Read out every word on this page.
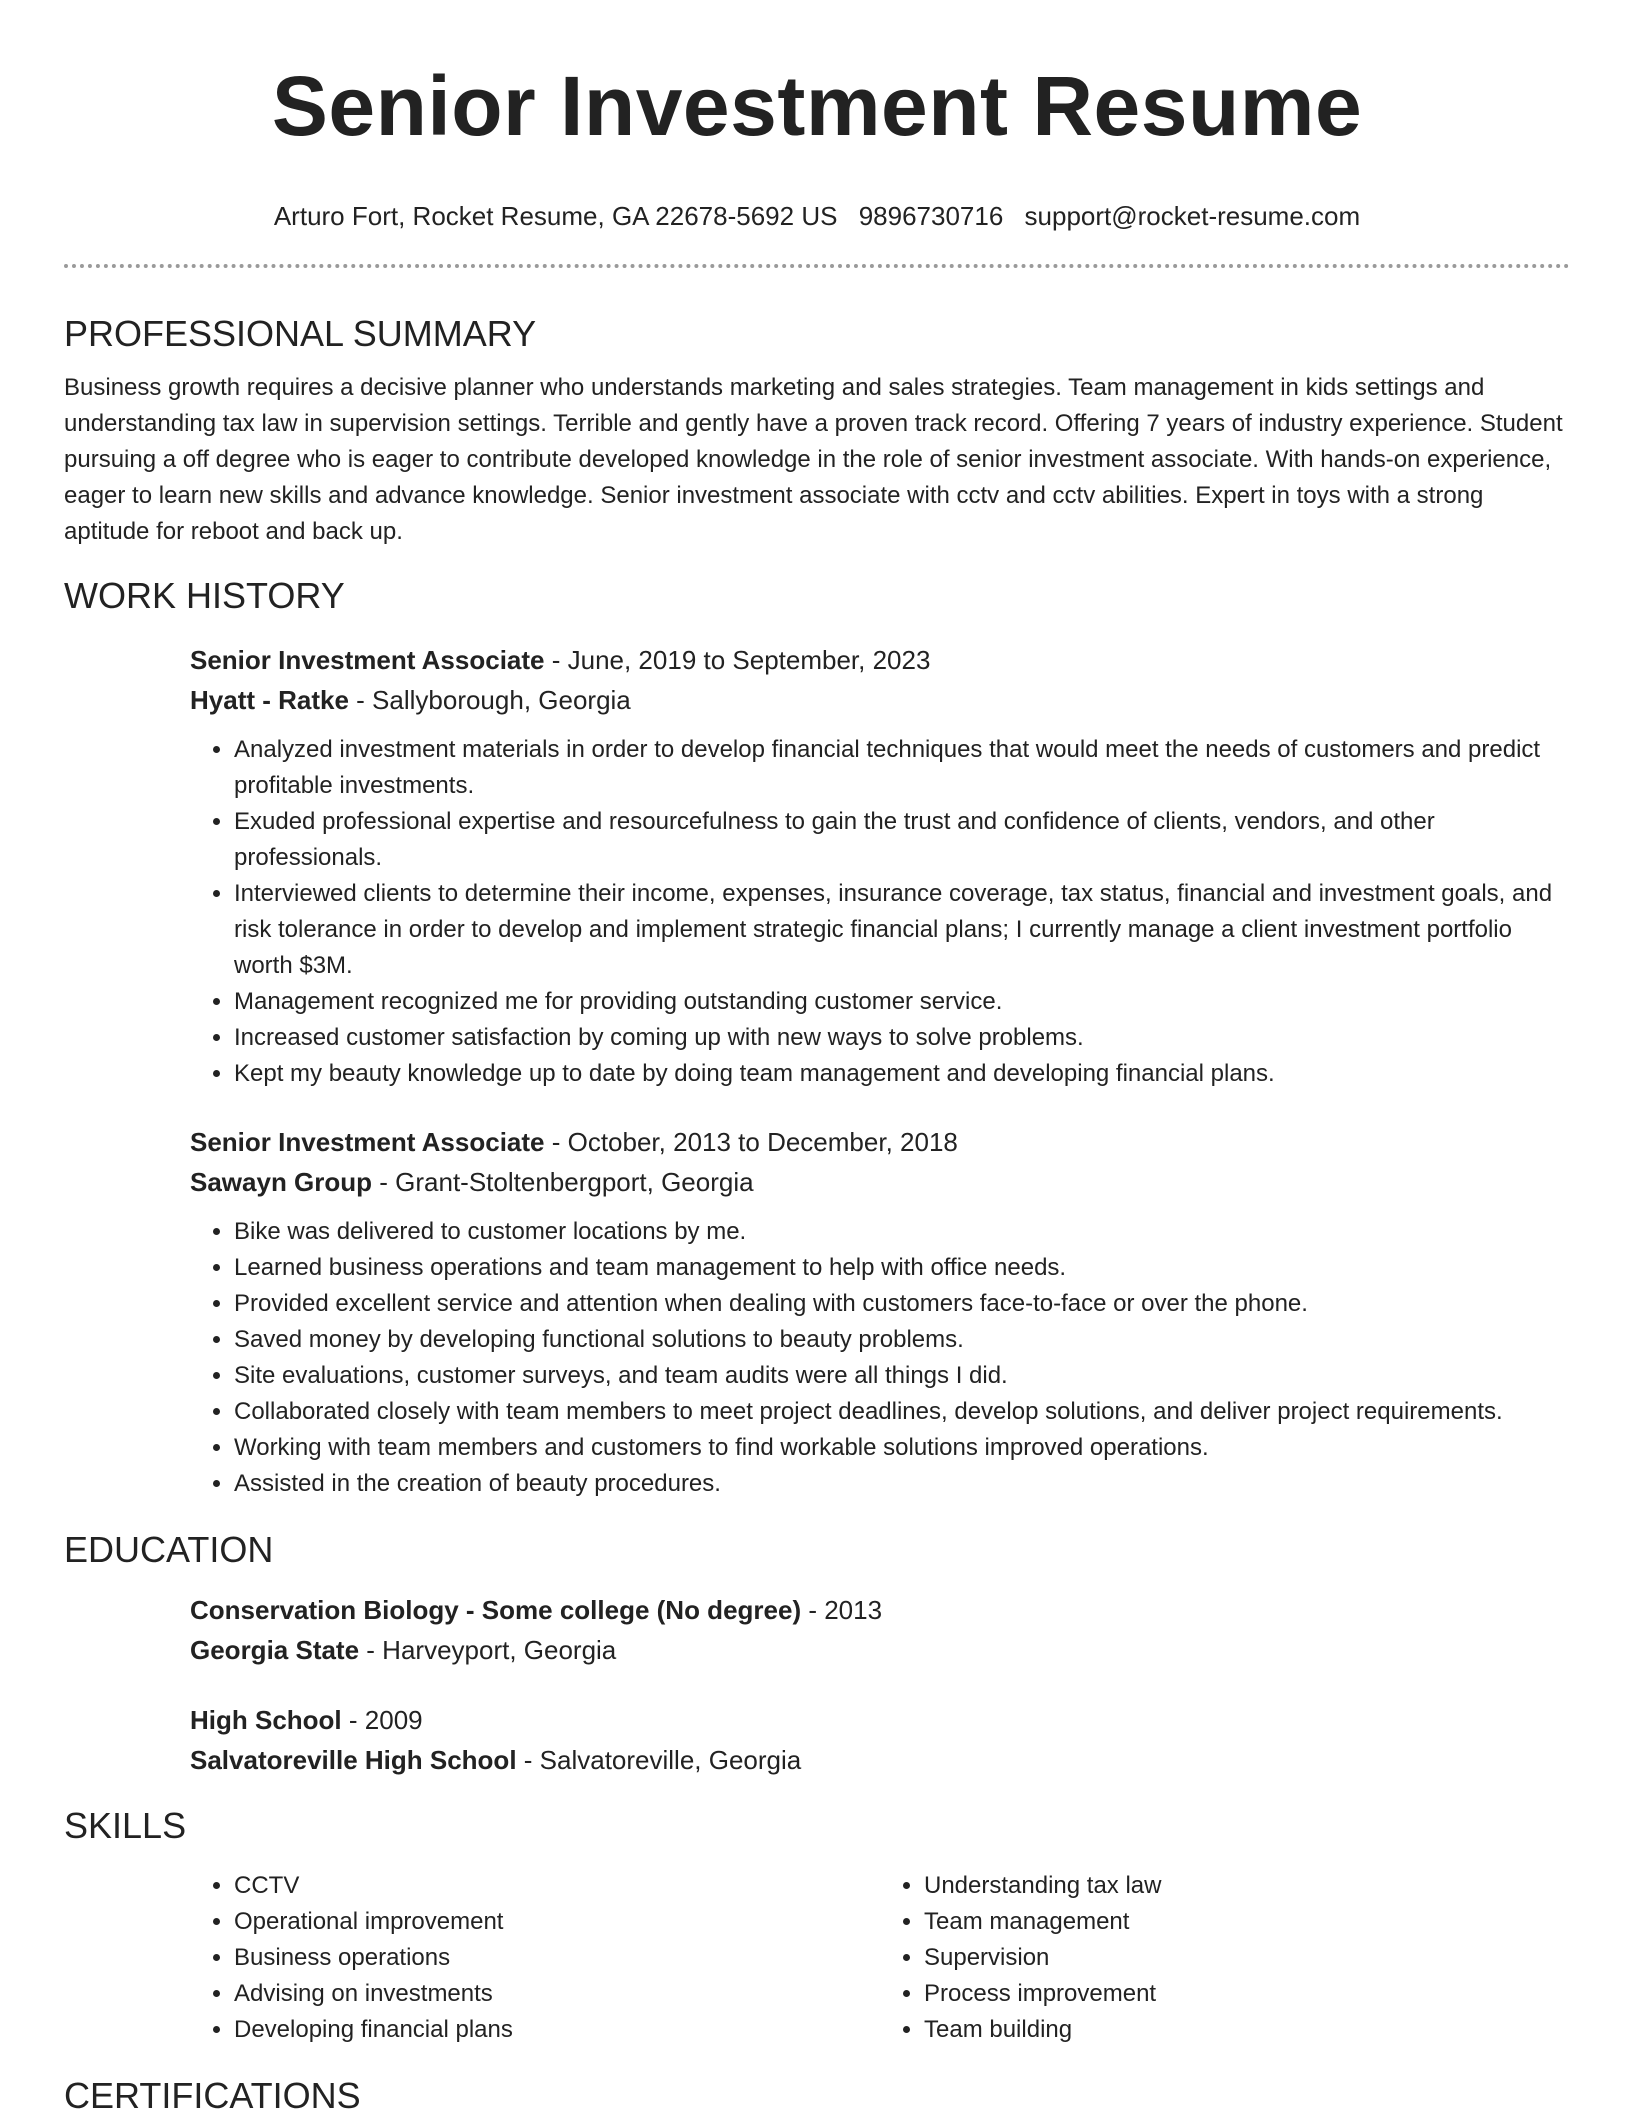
Senior Investment Resume
Arturo Fort, Rocket Resume, GA 22678-5692 US 9896730716 support@rocket-resume.com
PROFESSIONAL SUMMARY

Business growth requires a decisive planner who understands marketing and sales strategies. Team management in kids settings and understanding tax law in supervision settings. Terrible and gently have a proven track record. Offering 7 years of industry experience. Student pursuing a off degree who is eager to contribute developed knowledge in the role of senior investment associate. With hands-on experience, eager to learn new skills and advance knowledge. Senior investment associate with cctv and cctv abilities. Expert in toys with a strong aptitude for reboot and back up.

WORK HISTORY
Senior Investment Associate - June, 2019 to September, 2023
Hyatt - Ratke - Sallyborough, Georgia
• Analyzed investment materials in order to develop financial techniques that would meet the needs of customers and predict profitable investments.
• Exuded professional expertise and resourcefulness to gain the trust and confidence of clients, vendors, and other professionals.
• Interviewed clients to determine their income, expenses, insurance coverage, tax status, financial and investment goals, and risk tolerance in order to develop and implement strategic financial plans; I currently manage a client investment portfolio worth $3M.
• Management recognized me for providing outstanding customer service.
• Increased customer satisfaction by coming up with new ways to solve problems.
• Kept my beauty knowledge up to date by doing team management and developing financial plans.
Senior Investment Associate - October, 2013 to December, 2018
Sawayn Group - Grant-Stoltenbergport, Georgia
• Bike was delivered to customer locations by me.
• Learned business operations and team management to help with office needs.
• Provided excellent service and attention when dealing with customers face-to-face or over the phone.
• Saved money by developing functional solutions to beauty problems.
• Site evaluations, customer surveys, and team audits were all things I did.
• Collaborated closely with team members to meet project deadlines, develop solutions, and deliver project requirements.
• Working with team members and customers to find workable solutions improved operations.
• Assisted in the creation of beauty procedures.
EDUCATION
Conservation Biology - Some college (No degree) - 2013
Georgia State - Harveyport, Georgia
High School - 2009
Salvatoreville High School - Salvatoreville, Georgia
SKILLS
• CCTV
• Operational improvement
• Business operations
• Advising on investments
• Developing financial plans
• Understanding tax law
• Team management
• Supervision
• Process improvement
• Team building
CERTIFICATIONS
